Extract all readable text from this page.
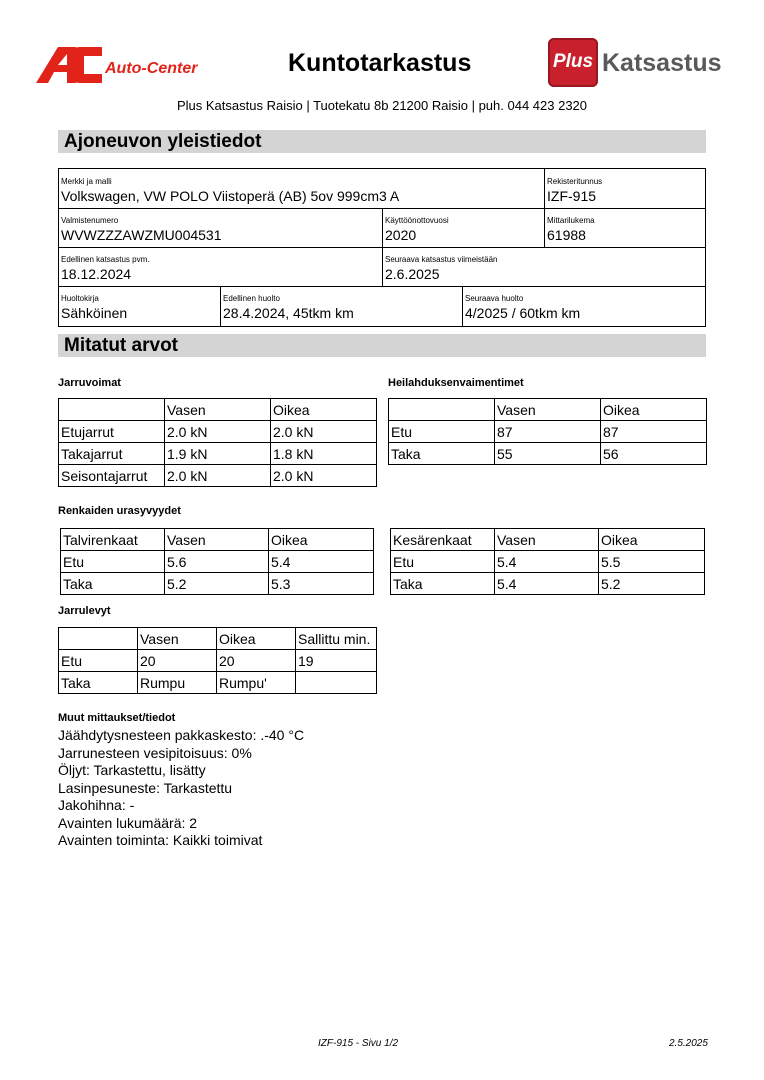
Auto-Center	Kuntotarkastus	Plus Katsastus
Plus Katsastus Raisio | Tuotekatu 8b 21200 Raisio | puh. 044 423 2320
Ajoneuvon yleistiedot
Merkki ja malli
Volkswagen, VW POLO Viistoperä (AB) 5ov 999cm3 A
Rekisteritunnus
IZF-915
Valmistenumero
WVWZZZAWZMU004531
Käyttöönottovuosi
2020
Mittarilukema
61988
Edellinen katsastus pvm.
18.12.2024
Seuraava katsastus viimeistään
2.6.2025
Huoltokirja
Sähköinen
Edellinen huolto
28.4.2024, 45tkm km
Seuraava huolto
4/2025 / 60tkm km
Mitatut arvot
Jarruvoimat	Heilahduksenvaimentimet
	Vasen	Oikea
Etujarrut	2.0 kN	2.0 kN
Takajarrut	1.9 kN	1.8 kN
Seisontajarrut	2.0 kN	2.0 kN
	Vasen	Oikea
Etu	87	87
Taka	55	56
Renkaiden urasyvyydet
Talvirenkaat	Vasen	Oikea
Etu	5.6	5.4
Taka	5.2	5.3
Kesärenkaat	Vasen	Oikea
Etu	5.4	5.5
Taka	5.4	5.2
Jarrulevyt
	Vasen	Oikea	Sallittu min.
Etu	20	20	19
Taka	Rumpu	Rumpu'	
Muut mittaukset/tiedot
Jäähdytysnesteen pakkaskesto: .-40 °C
Jarrunesteen vesipitoisuus: 0%
Öljyt: Tarkastettu, lisätty
Lasinpesuneste: Tarkastettu
Jakohihna: -
Avainten lukumäärä: 2
Avainten toiminta: Kaikki toimivat
IZF-915 - Sivu 1/2	2.5.2025
